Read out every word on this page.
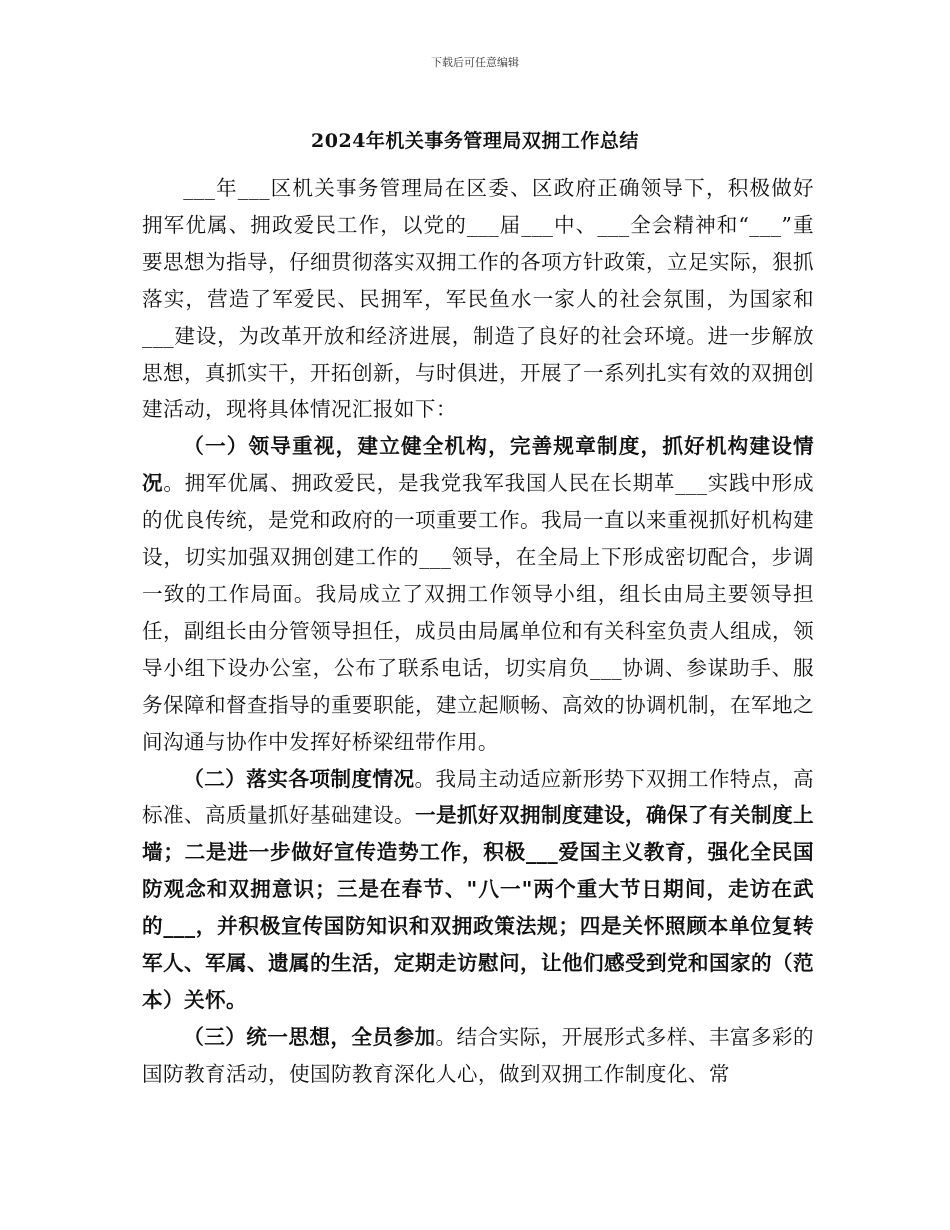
下载后可任意编辑
2024年机关事务管理局双拥工作总结

___年___区机关事务管理局在区委、区政府正确领导下，积极做好拥军优属、拥政爱民工作，以党的___届___中、___全会精神和“___”重要思想为指导，仔细贯彻落实双拥工作的各项方针政策，立足实际，狠抓落实，营造了军爱民、民拥军，军民鱼水一家人的社会氛围，为国家和___建设，为改革开放和经济进展，制造了良好的社会环境。进一步解放思想，真抓实干，开拓创新，与时俱进，开展了一系列扎实有效的双拥创建活动，现将具体情况汇报如下：

（一）领导重视，建立健全机构，完善规章制度，抓好机构建设情况。拥军优属、拥政爱民，是我党我军我国人民在长期革___实践中形成的优良传统，是党和政府的一项重要工作。我局一直以来重视抓好机构建设，切实加强双拥创建工作的___领导，在全局上下形成密切配合，步调一致的工作局面。我局成立了双拥工作领导小组，组长由局主要领导担任，副组长由分管领导担任，成员由局属单位和有关科室负责人组成，领导小组下设办公室，公布了联系电话，切实肩负___协调、参谋助手、服务保障和督查指导的重要职能，建立起顺畅、高效的协调机制，在军地之间沟通与协作中发挥好桥梁纽带作用。

（二）落实各项制度情况。我局主动适应新形势下双拥工作特点，高标准、高质量抓好基础建设。一是抓好双拥制度建设，确保了有关制度上墙；二是进一步做好宣传造势工作，积极___爱国主义教育，强化全民国防观念和双拥意识；三是在春节、"八一"两个重大节日期间，走访在武的___，并积极宣传国防知识和双拥政策法规；四是关怀照顾本单位复转军人、军属、遗属的生活，定期走访慰问，让他们感受到党和国家的（范本）关怀。

（三）统一思想，全员参加。结合实际，开展形式多样、丰富多彩的国防教育活动，使国防教育深化人心，做到双拥工作制度化、常
